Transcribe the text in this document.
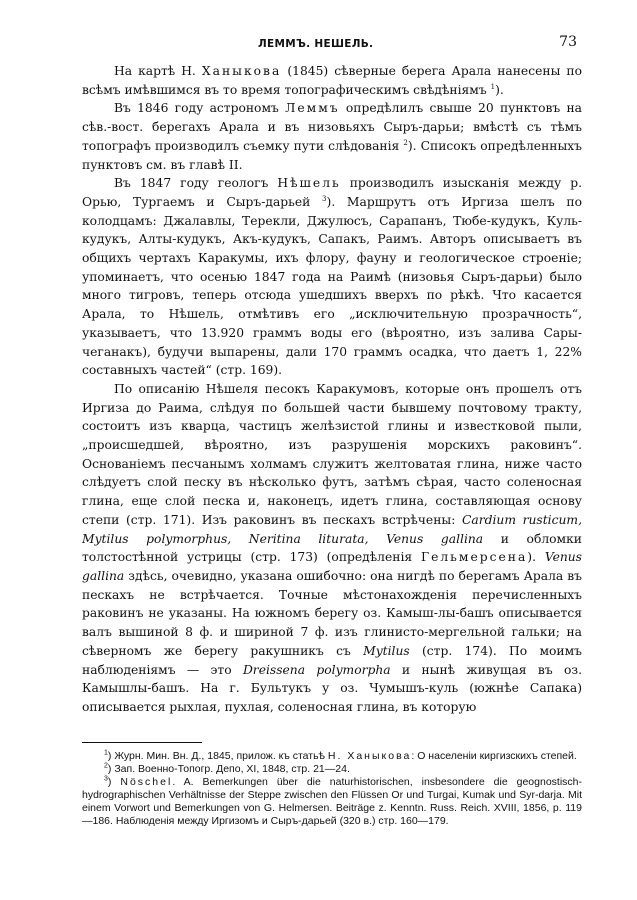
ЛЕММЪ. НЕШЕЛЬ.	73

На картѣ Н. Ханыкова (1845) сѣверные берега Арала нанесены по всѣмъ имѣвшимся въ то время топографическимъ свѣдѣніямъ $^1$).

Въ 1846 году астрономъ Леммъ опредѣлилъ свыше 20 пунктовъ на сѣв.-вост. берегахъ Арала и въ низовьяхъ Сыръ-дарьи; вмѣстѣ съ тѣмъ топографъ производилъ съемку пути слѣдованія $^2$). Списокъ опредѣленныхъ пунктовъ см. въ главѣ II.

Въ 1847 году геологъ Нѣшель производилъ изысканія между р. Орью, Тургаемъ и Сыръ-дарьей $^3$). Маршрутъ отъ Иргиза шелъ по колодцамъ: Джалавлы, Терекли, Джулюсъ, Сарапанъ, Тюбе-кудукъ, Куль-кудукъ, Алты-кудукъ, Акъ-кудукъ, Сапакъ, Раимъ. Авторъ описываетъ въ общихъ чертахъ Каракумы, ихъ флору, фауну и геологическое строеніе; упоминаетъ, что осенью 1847 года на Раимѣ (низовья Сыръ-дарьи) было много тигровъ, теперь отсюда ушедшихъ вверхъ по рѣкѣ. Что касается Арала, то Нѣшель, отмѣтивъ его „исключительную прозрачность“, указываетъ, что 13.920 граммъ воды его (вѣроятно, изъ залива Сары-чеганакъ), будучи выпарены, дали 170 граммъ осадка, что даетъ 1, 22% составныхъ частей“ (стр. 169).

По описанію Нѣшеля песокъ Каракумовъ, которые онъ прошелъ отъ Иргиза до Раима, слѣдуя по большей части бывшему почтовому тракту, состоитъ изъ кварца, частицъ желѣзистой глины и известковой пыли, „происшедшей, вѣроятно, изъ разрушенія морскихъ раковинъ“. Основаніемъ песчанымъ холмамъ служитъ желтоватая глина, ниже часто слѣдуетъ слой песку въ нѣсколько футъ, затѣмъ сѣрая, часто соленосная глина, еще слой песка и, наконецъ, идетъ глина, составляющая основу степи (стр. 171). Изъ раковинъ въ пескахъ встрѣчены: Cardium rusticum, Mytilus polymorphus, Neritina liturata, Venus gallina и обломки толстостѣнной устрицы (стр. 173) (опредѣленія Гельмерсена). Venus gallina здѣсь, очевидно, указана ошибочно: она нигдѣ по берегамъ Арала въ пескахъ не встрѣчается. Точные мѣстонахожденія перечисленныхъ раковинъ не указаны. На южномъ берегу оз. Камыш-лы-башъ описывается валъ вышиной 8 ф. и шириной 7 ф. изъ глинисто-мергельной гальки; на сѣверномъ же берегу ракушникъ съ Mytilus (стр. 174). По моимъ наблюденіямъ — это Dreissena polymorpha и нынѣ живущая въ оз. Камышлы-башъ. На г. Бультукъ у оз. Чумышъ-куль (южнѣе Сапака) описывается рыхлая, пухлая, соленосная глина, въ которую

$^1$) Журн. Мин. Вн. Д., 1845, прилож. къ статьѣ Н. Ханыкова: О населеніи киргизскихъ степей.

$^2$) Зап. Военно-Топогр. Депо, XI, 1848, стр. 21—24.

$^3$) Nöschel. A. Bemerkungen über die naturhistorischen, insbesondere die geognostisch-hydrographischen Verhältnisse der Steppe zwischen den Flüssen Or und Turgai, Kumak und Syr-darja. Mit einem Vorwort und Bemerkungen von G. Helmersen. Beiträge z. Kenntn. Russ. Reich. XVIII, 1856, р. 119—186. Наблюденія между Иргизомъ и Сыръ-дарьей (320 в.) стр. 160—179.
